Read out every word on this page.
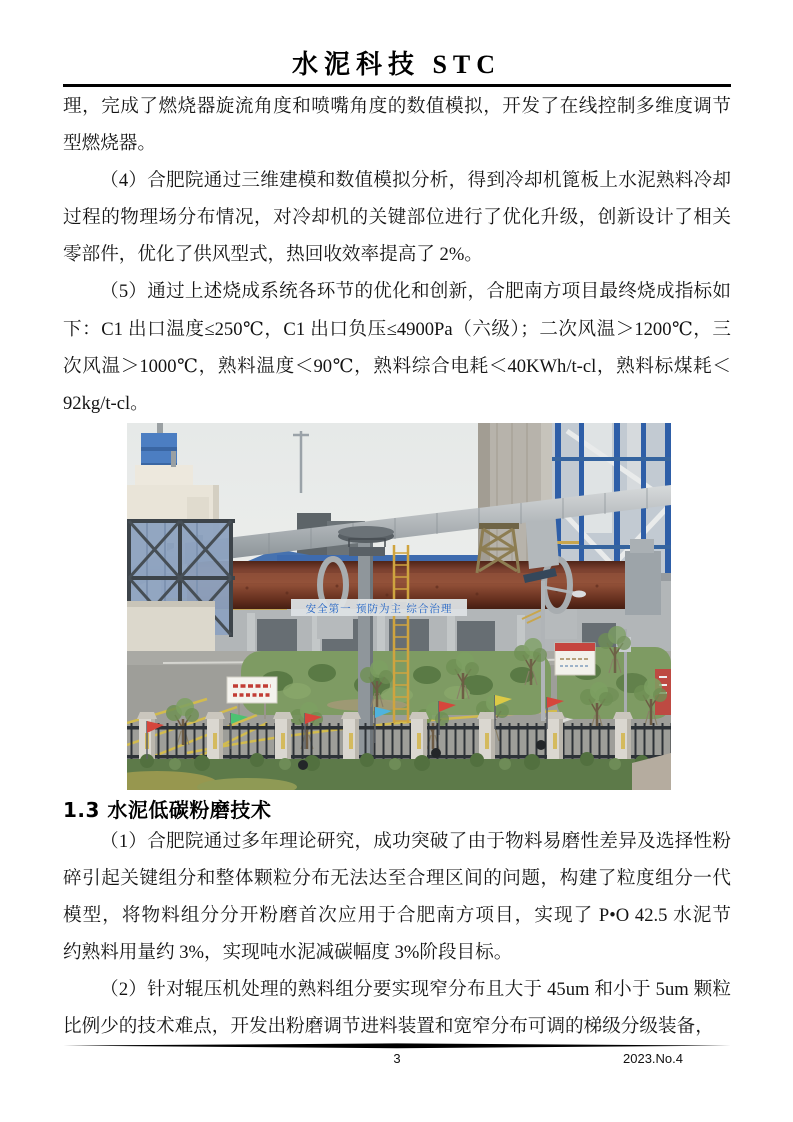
水泥科技 STC
理，完成了燃烧器旋流角度和喷嘴角度的数值模拟，开发了在线控制多维度调节
型燃烧器。
（4）合肥院通过三维建模和数值模拟分析，得到冷却机篦板上水泥熟料冷却
过程的物理场分布情况，对冷却机的关键部位进行了优化升级，创新设计了相关
零部件，优化了供风型式，热回收效率提高了 2%。
（5）通过上述烧成系统各环节的优化和创新，合肥南方项目最终烧成指标如
下：C1 出口温度≤250℃，C1 出口负压≤4900Pa（六级）；二次风温＞1200℃，三
次风温＞1000℃，熟料温度＜90℃，熟料综合电耗＜40KWh/t-cl，熟料标煤耗＜
92kg/t-cl。
安全第一 预防为主 综合治理
1.3 水泥低碳粉磨技术
（1）合肥院通过多年理论研究，成功突破了由于物料易磨性差异及选择性粉
碎引起关键组分和整体颗粒分布无法达至合理区间的问题，构建了粒度组分一代
模型，将物料组分分开粉磨首次应用于合肥南方项目，实现了 P•O 42.5 水泥节
约熟料用量约 3%，实现吨水泥减碳幅度 3%阶段目标。
（2）针对辊压机处理的熟料组分要实现窄分布且大于 45um 和小于 5um 颗粒
比例少的技术难点，开发出粉磨调节进料装置和宽窄分布可调的梯级分级装备，
3	2023.No.4
